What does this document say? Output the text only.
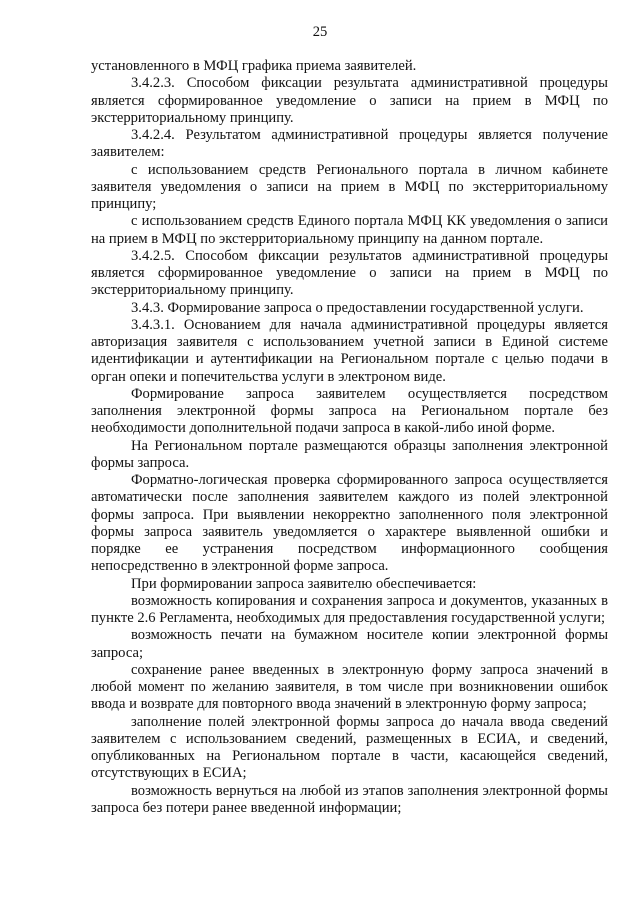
25

установленного в МФЦ графика приема заявителей.

3.4.2.3. Способом фиксации результата административной процедуры является сформированное уведомление о записи на прием в МФЦ по экстерриториальному принципу.

3.4.2.4. Результатом административной процедуры является получение заявителем:

с использованием средств Регионального портала в личном кабинете заявителя уведомления о записи на прием в МФЦ по экстерриториальному принципу;

с использованием средств Единого портала МФЦ КК уведомления о записи на прием в МФЦ по экстерриториальному принципу на данном портале.

3.4.2.5. Способом фиксации результатов административной процедуры является сформированное уведомление о записи на прием в МФЦ по экстерриториальному принципу.

3.4.3. Формирование запроса о предоставлении государственной услуги.

3.4.3.1. Основанием для начала административной процедуры является авторизация заявителя с использованием учетной записи в Единой системе идентификации и аутентификации на Региональном портале с целью подачи в орган опеки и попечительства услуги в электроном виде.

Формирование запроса заявителем осуществляется посредством заполнения электронной формы запроса на Региональном портале без необходимости дополнительной подачи запроса в какой-либо иной форме.

На Региональном портале размещаются образцы заполнения электронной формы запроса.

Форматно-логическая проверка сформированного запроса осуществляется автоматически после заполнения заявителем каждого из полей электронной формы запроса. При выявлении некорректно заполненного поля электронной формы запроса заявитель уведомляется о характере выявленной ошибки и порядке ее устранения посредством информационного сообщения непосредственно в электронной форме запроса.

При формировании запроса заявителю обеспечивается:

возможность копирования и сохранения запроса и документов, указанных в пункте 2.6 Регламента, необходимых для предоставления государственной услуги;

возможность печати на бумажном носителе копии электронной формы запроса;

сохранение ранее введенных в электронную форму запроса значений в любой момент по желанию заявителя, в том числе при возникновении ошибок ввода и возврате для повторного ввода значений в электронную форму запроса;

заполнение полей электронной формы запроса до начала ввода сведений заявителем с использованием сведений, размещенных в ЕСИА, и сведений, опубликованных на Региональном портале в части, касающейся сведений, отсутствующих в ЕСИА;

возможность вернуться на любой из этапов заполнения электронной формы запроса без потери ранее введенной информации;
